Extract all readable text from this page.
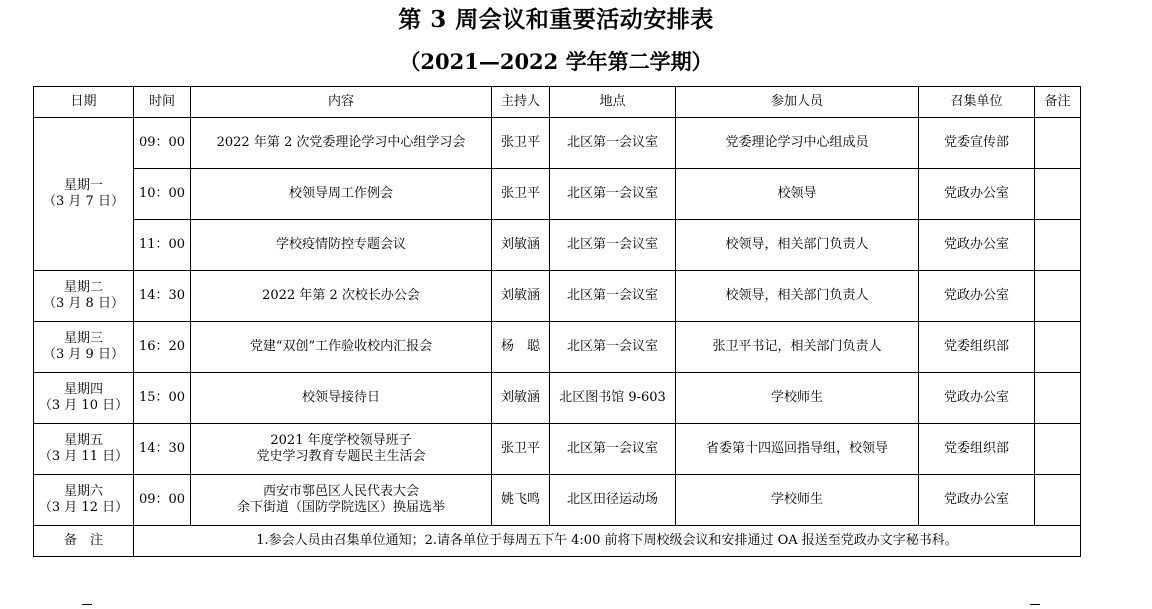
第 3 周会议和重要活动安排表
（2021—2022 学年第二学期）
日期	时间	内容	主持人	地点	参加人员	召集单位	备注

星期一
（3 月 7 日）	09：00	2022 年第 2 次党委理论学习中心组学习会	张卫平	北区第一会议室	党委理论学习中心组成员	党委宣传部	
	10：00	校领导周工作例会	张卫平	北区第一会议室	校领导	党政办公室	
	11：00	学校疫情防控专题会议	刘敏涵	北区第一会议室	校领导，相关部门负责人	党政办公室	

星期二
（3 月 8 日）	14：30	2022 年第 2 次校长办公会	刘敏涵	北区第一会议室	校领导，相关部门负责人	党政办公室	

星期三
（3 月 9 日）	16：20	党建“双创”工作验收校内汇报会	杨　聪	北区第一会议室	张卫平书记，相关部门负责人	党委组织部	

星期四
（3 月 10 日）	15：00	校领导接待日	刘敏涵	北区图书馆 9-603	学校师生	党政办公室	

星期五
（3 月 11 日）	14：30	2021 年度学校领导班子
党史学习教育专题民主生活会	张卫平	北区第一会议室	省委第十四巡回指导组，校领导	党委组织部	

星期六
（3 月 12 日）	09：00	西安市鄠邑区人民代表大会
余下街道（国防学院选区）换届选举	姚飞鸣	北区田径运动场	学校师生	党政办公室	
备　注	1.参会人员由召集单位通知；2.请各单位于每周五下午 4:00 前将下周校级会议和安排通过 OA 报送至党政办文字秘书科。						
